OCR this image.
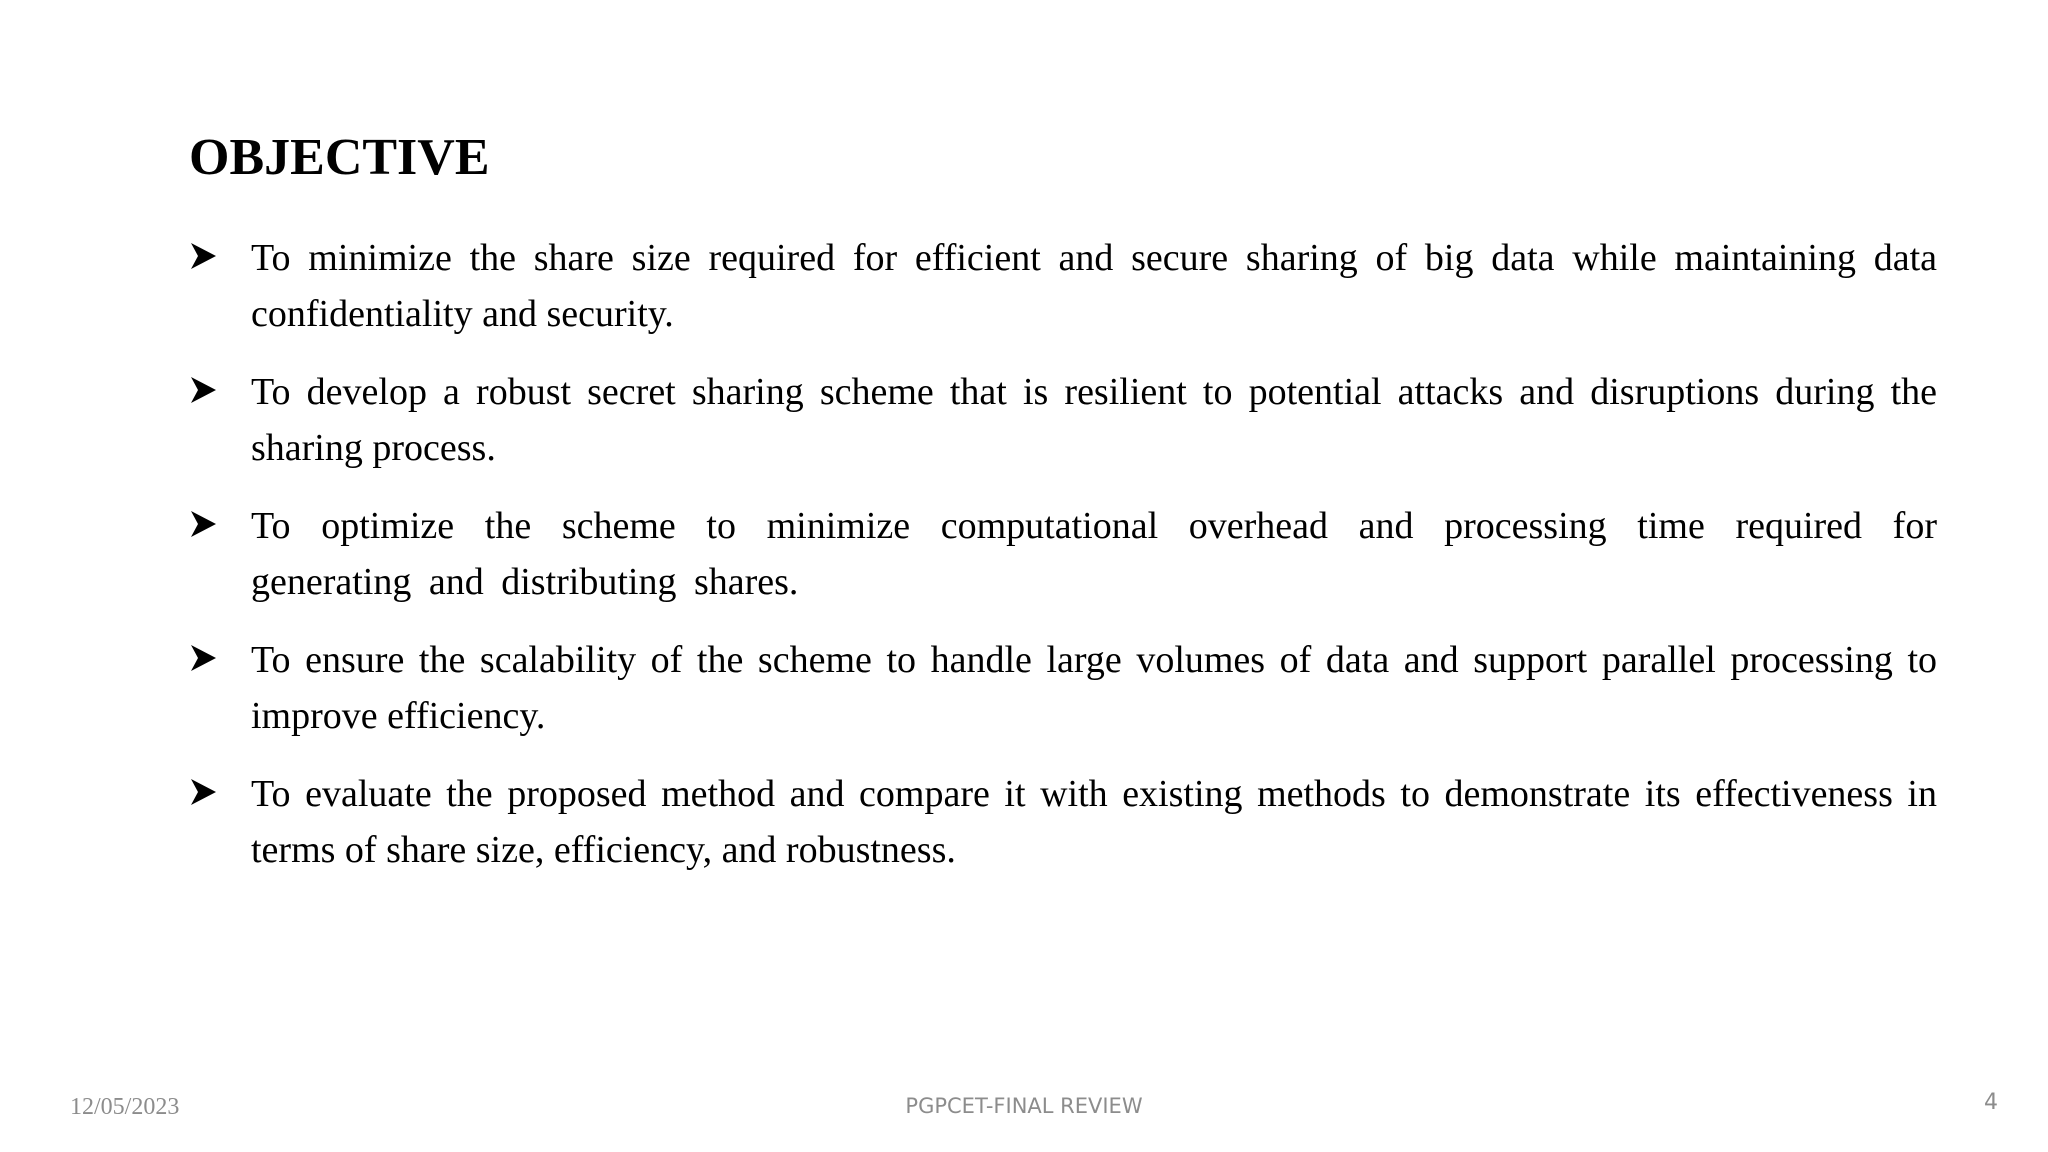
OBJECTIVE
To minimize the share size required for efficient and secure sharing of big data while maintaining data confidentiality and security.
To develop a robust secret sharing scheme that is resilient to potential attacks and disruptions during the sharing process.
To optimize the scheme to minimize computational overhead and processing time required for generating and distributing shares.
To ensure the scalability of the scheme to handle large volumes of data and support parallel processing to improve efficiency.
To evaluate the proposed method and compare it with existing methods to demonstrate its effectiveness in terms of share size, efficiency, and robustness.
12/05/2023	PGPCET-FINAL REVIEW	4
